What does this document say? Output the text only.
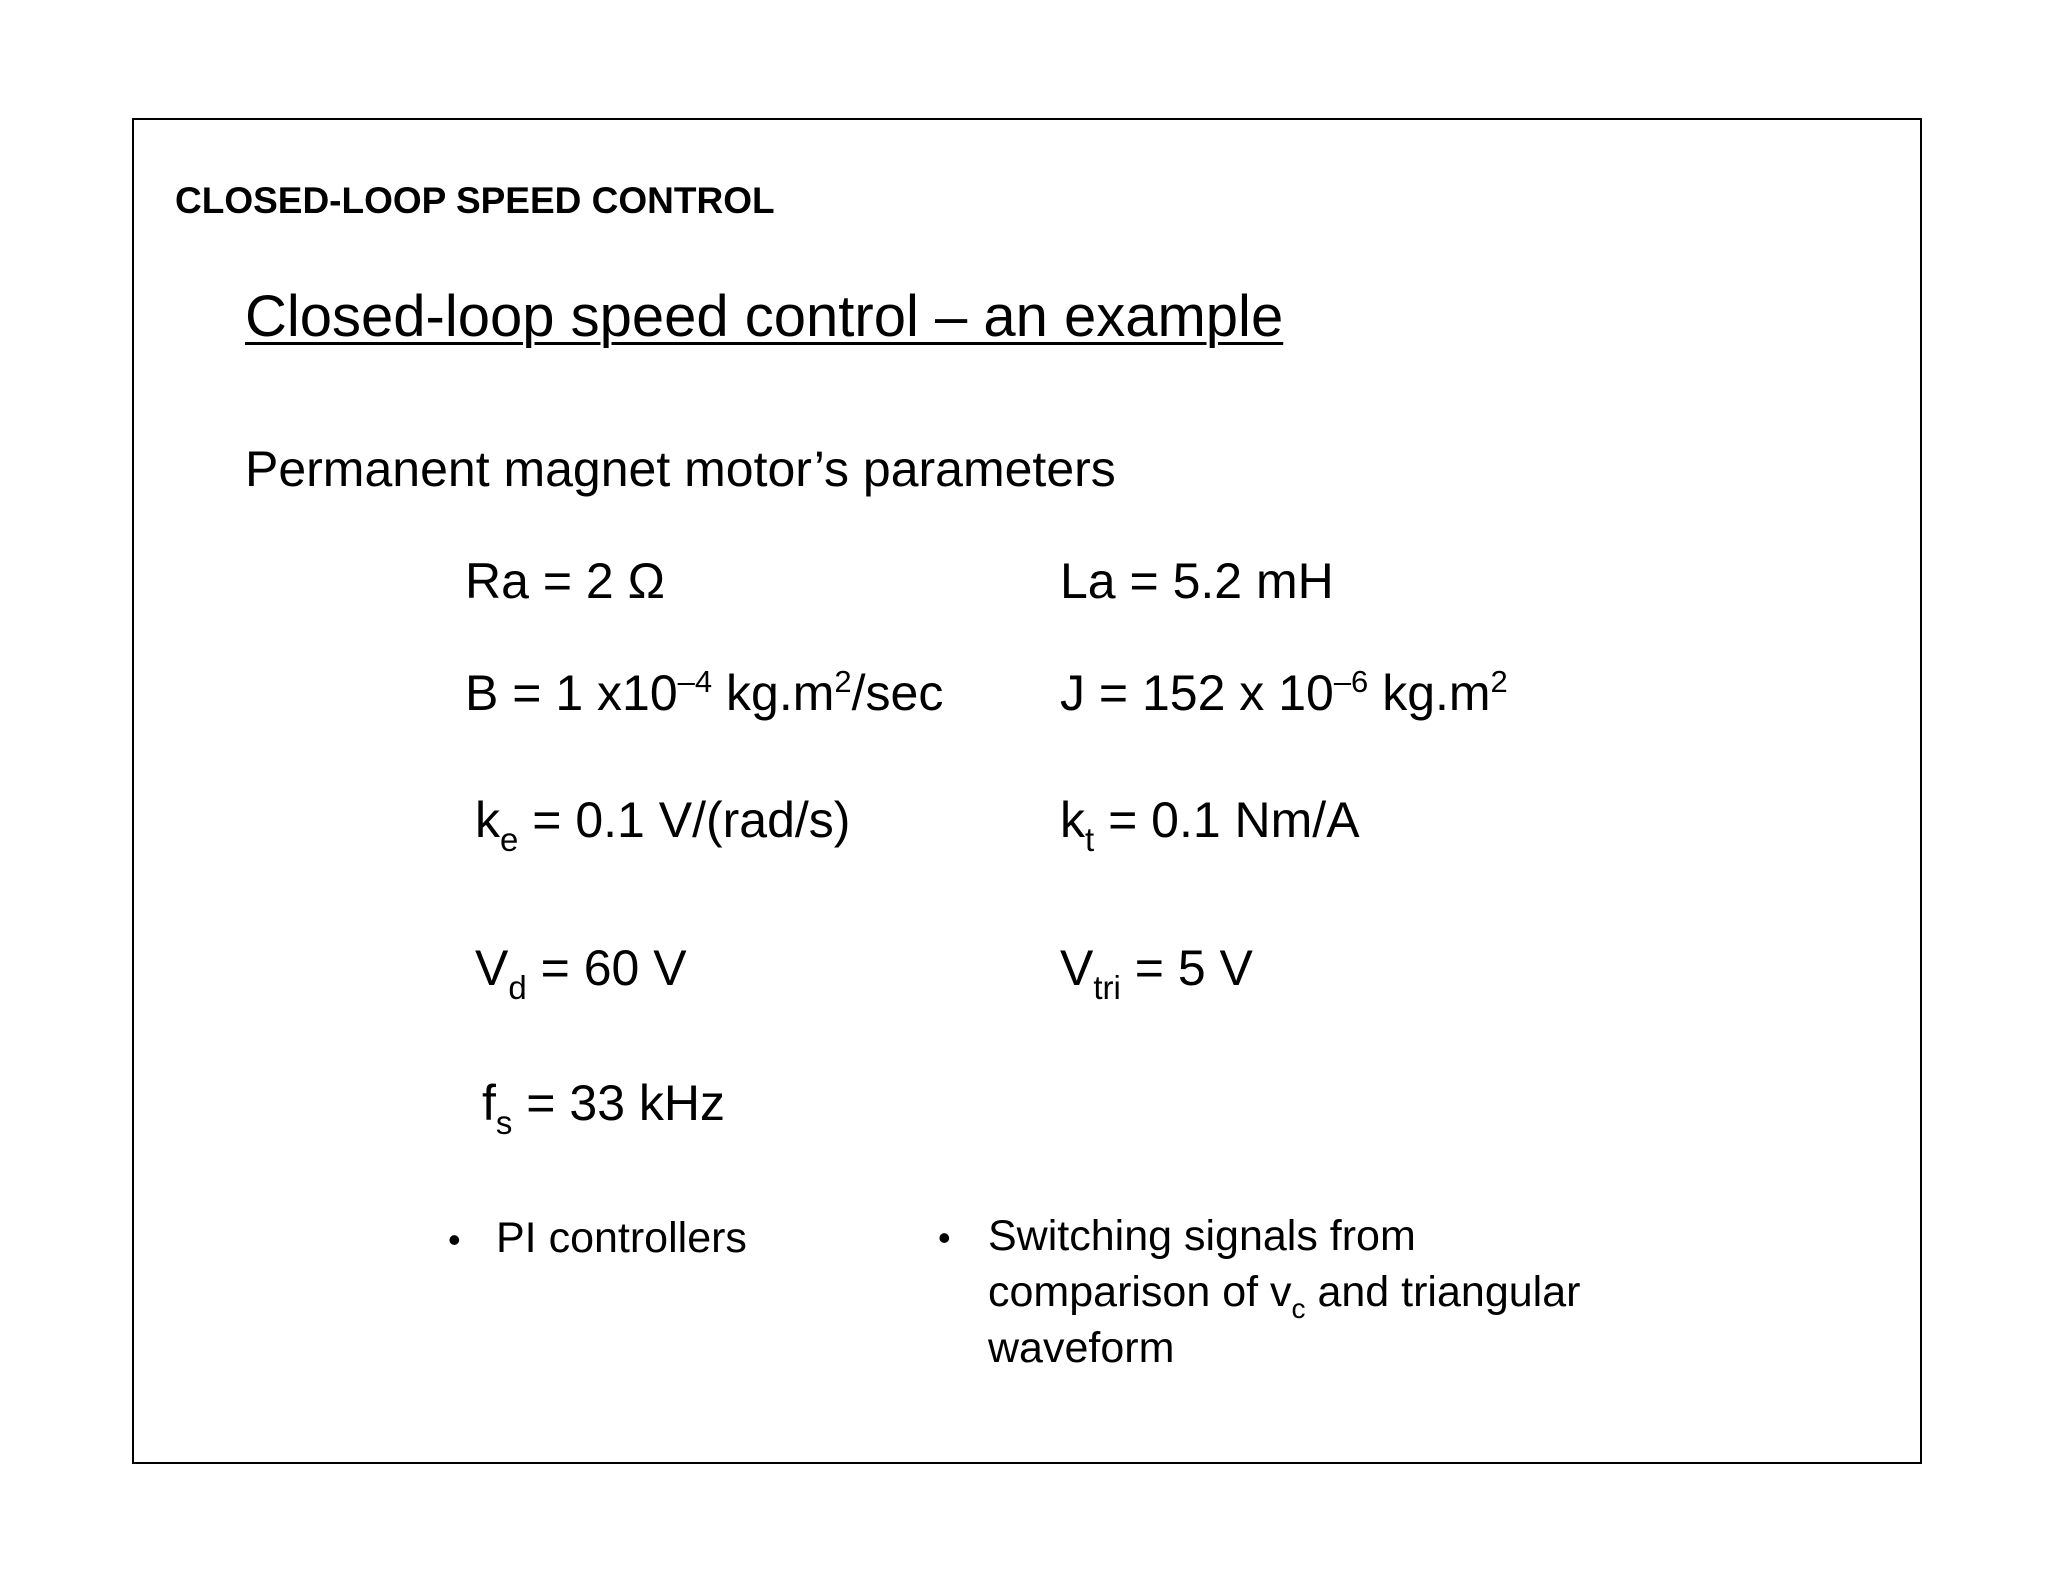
CLOSED-LOOP SPEED CONTROL
Closed-loop speed control – an example
Permanent magnet motor’s parameters
Ra = 2 Ω	La = 5.2 mH
B = 1 $x10^{-4}$ $kg.m^2/\sec$ J = 152 x $10^{-6}$ $kg.m^2$
$k_e = 0.1$ V/(rad/s)	$k_t = 0.1$ Nm/A
$V_d = 60$ V	$V_{tri} = 5$ V
$f_s = 33$ kHz
• PI controllers	• Switching signals from
comparison of $v_c$ and triangular
waveform
